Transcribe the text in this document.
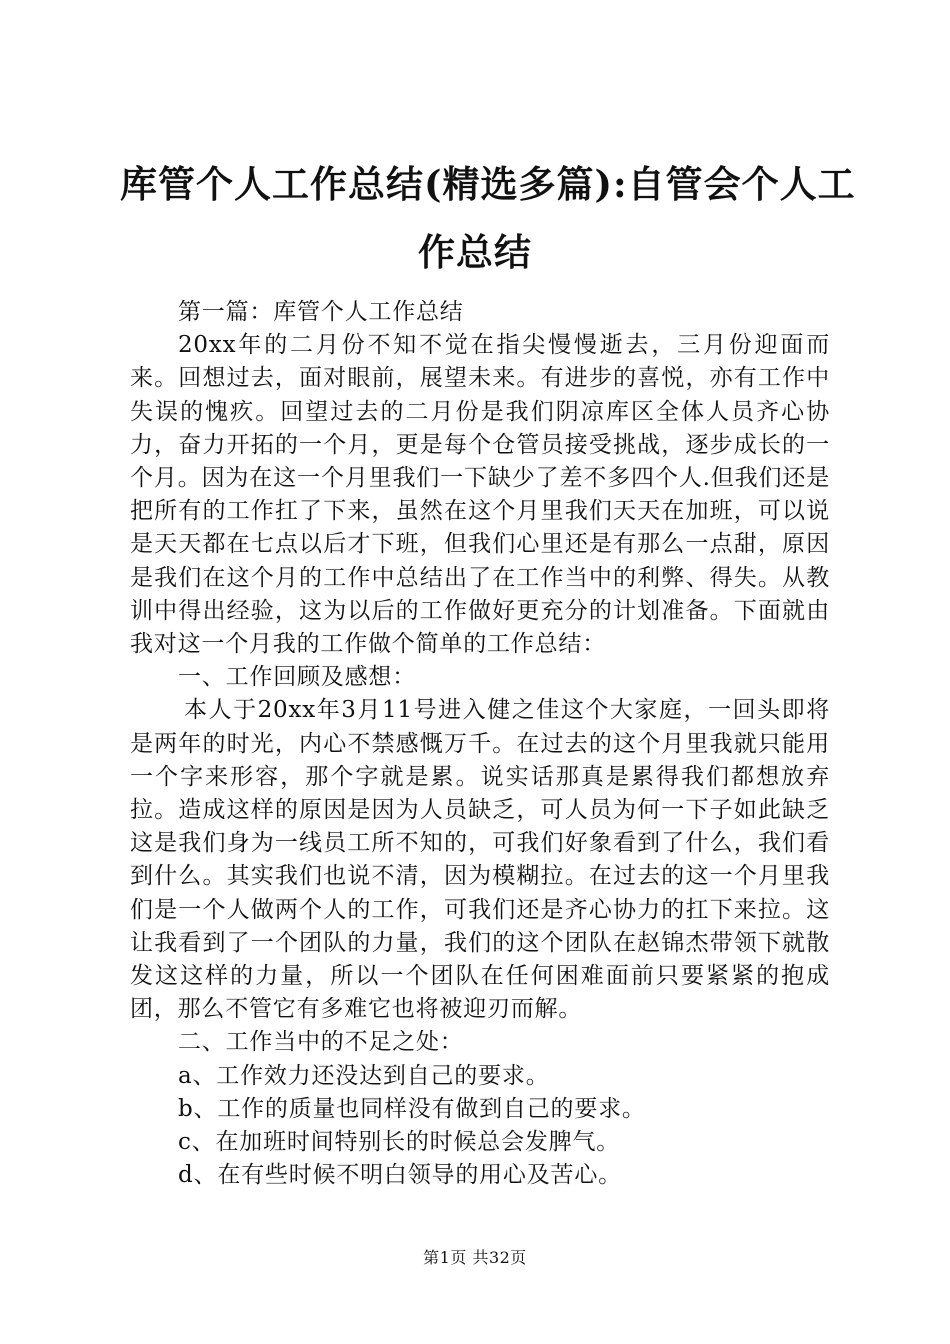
库管个人工作总结(精选多篇):自管会个人工
作总结

第一篇：库管个人工作总结

20xx年的二月份不知不觉在指尖慢慢逝去，三月份迎面而来。回想过去，面对眼前，展望未来。有进步的喜悦，亦有工作中失误的愧疚。回望过去的二月份是我们阴凉库区全体人员齐心协力，奋力开拓的一个月，更是每个仓管员接受挑战，逐步成长的一个月。因为在这一个月里我们一下缺少了差不多四个人.但我们还是把所有的工作扛了下来，虽然在这个月里我们天天在加班，可以说是天天都在七点以后才下班，但我们心里还是有那么一点甜，原因是我们在这个月的工作中总结出了在工作当中的利弊、得失。从教训中得出经验，这为以后的工作做好更充分的计划准备。下面就由我对这一个月我的工作做个简单的工作总结：

一、工作回顾及感想：

本人于20xx年3月11号进入健之佳这个大家庭，一回头即将是两年的时光，内心不禁感慨万千。在过去的这个月里我就只能用一个字来形容，那个字就是累。说实话那真是累得我们都想放弃拉。造成这样的原因是因为人员缺乏，可人员为何一下子如此缺乏这是我们身为一线员工所不知的，可我们好象看到了什么，我们看到什么。其实我们也说不清，因为模糊拉。在过去的这一个月里我们是一个人做两个人的工作，可我们还是齐心协力的扛下来拉。这让我看到了一个团队的力量，我们的这个团队在赵锦杰带领下就散发这这样的力量，所以一个团队在任何困难面前只要紧紧的抱成团，那么不管它有多难它也将被迎刃而解。

二、工作当中的不足之处：

a、工作效力还没达到自己的要求。

b、工作的质量也同样没有做到自己的要求。

c、在加班时间特别长的时候总会发脾气。

d、在有些时候不明白领导的用心及苦心。

第1页 共32页
